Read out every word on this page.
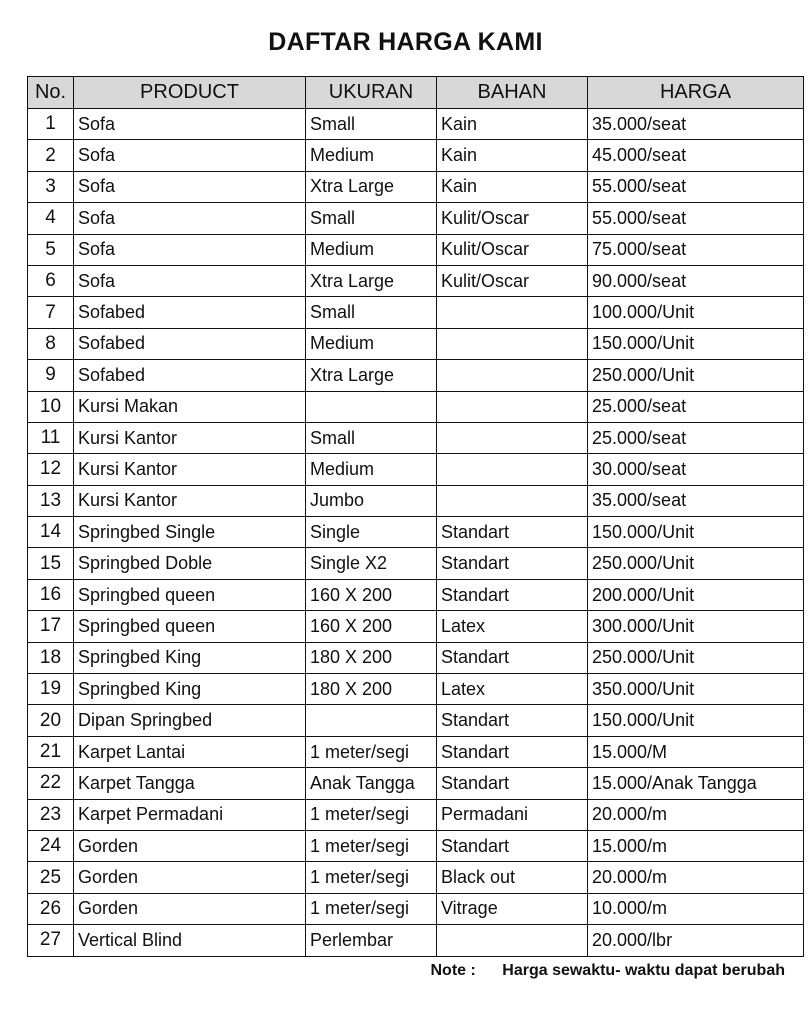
DAFTAR HARGA KAMI
No.	PRODUCT	UKURAN	BAHAN	HARGA
1	Sofa	Small	Kain	35.000/seat
2	Sofa	Medium	Kain	45.000/seat
3	Sofa	Xtra Large	Kain	55.000/seat
4	Sofa	Small	Kulit/Oscar	55.000/seat
5	Sofa	Medium	Kulit/Oscar	75.000/seat
6	Sofa	Xtra Large	Kulit/Oscar	90.000/seat
7	Sofabed	Small		100.000/Unit
8	Sofabed	Medium		150.000/Unit
9	Sofabed	Xtra Large		250.000/Unit
10	Kursi Makan			25.000/seat
11	Kursi Kantor	Small		25.000/seat
12	Kursi Kantor	Medium		30.000/seat
13	Kursi Kantor	Jumbo		35.000/seat
14	Springbed Single	Single	Standart	150.000/Unit
15	Springbed Doble	Single X2	Standart	250.000/Unit
16	Springbed queen	160 X 200	Standart	200.000/Unit
17	Springbed queen	160 X 200	Latex	300.000/Unit
18	Springbed King	180 X 200	Standart	250.000/Unit
19	Springbed King	180 X 200	Latex	350.000/Unit
20	Dipan Springbed		Standart	150.000/Unit
21	Karpet Lantai	1 meter/segi	Standart	15.000/M
22	Karpet Tangga	Anak Tangga	Standart	15.000/Anak Tangga
23	Karpet Permadani	1 meter/segi	Permadani	20.000/m
24	Gorden	1 meter/segi	Standart	15.000/m
25	Gorden	1 meter/segi	Black out	20.000/m
26	Gorden	1 meter/segi	Vitrage	10.000/m
27	Vertical Blind	Perlembar		20.000/lbr
Note : Harga sewaktu- waktu dapat berubah
